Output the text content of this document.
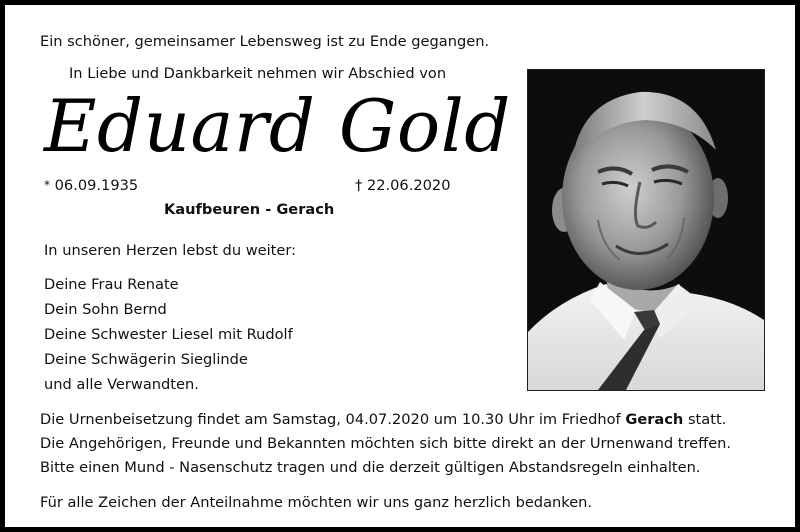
Ein schöner, gemeinsamer Lebensweg ist zu Ende gegangen.
In Liebe und Dankbarkeit nehmen wir Abschied von
Eduard Gold
* 06.09.1935	† 22.06.2020
Kaufbeuren - Gerach
In unseren Herzen lebst du weiter:
Deine Frau Renate
Dein Sohn Bernd
Deine Schwester Liesel mit Rudolf
Deine Schwägerin Sieglinde
und alle Verwandten.
Die Urnenbeisetzung findet am Samstag, 04.07.2020 um 10.30 Uhr im Friedhof Gerach statt.
Die Angehörigen, Freunde und Bekannten möchten sich bitte direkt an der Urnenwand treffen.
Bitte einen Mund - Nasenschutz tragen und die derzeit gültigen Abstandsregeln einhalten.
Für alle Zeichen der Anteilnahme möchten wir uns ganz herzlich bedanken.
